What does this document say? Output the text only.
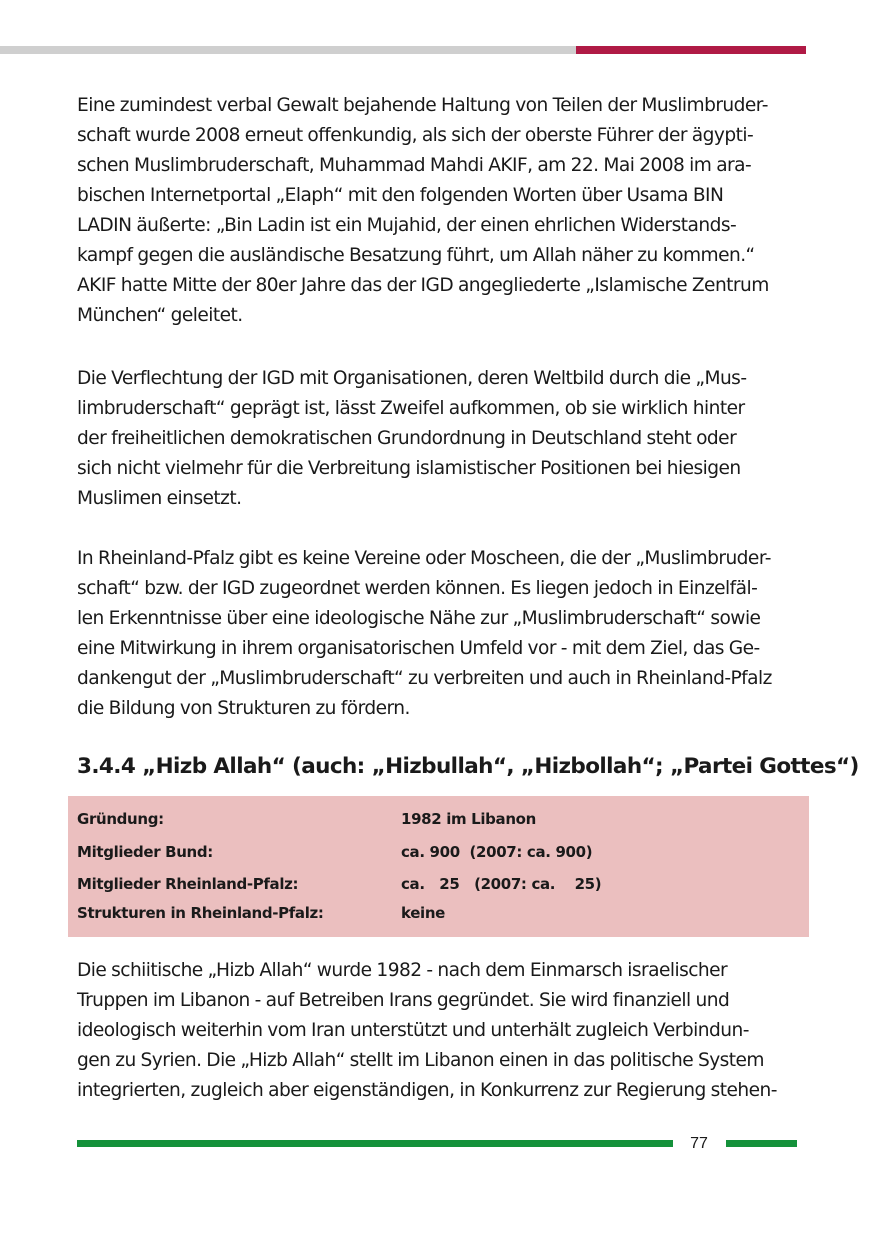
Eine zumindest verbal Gewalt bejahende Haltung von Teilen der Muslimbruder-
schaft wurde 2008 erneut offenkundig, als sich der oberste Führer der ägypti-
schen Muslimbruderschaft, Muhammad Mahdi AKIF, am 22. Mai 2008 im ara-
bischen Internetportal „Elaph“ mit den folgenden Worten über Usama BIN
LADIN äußerte: „Bin Ladin ist ein Mujahid, der einen ehrlichen Widerstands-
kampf gegen die ausländische Besatzung führt, um Allah näher zu kommen.“
AKIF hatte Mitte der 80er Jahre das der IGD angegliederte „Islamische Zentrum
München“ geleitet.

Die Verflechtung der IGD mit Organisationen, deren Weltbild durch die „Mus-
limbruderschaft“ geprägt ist, lässt Zweifel aufkommen, ob sie wirklich hinter
der freiheitlichen demokratischen Grundordnung in Deutschland steht oder
sich nicht vielmehr für die Verbreitung islamistischer Positionen bei hiesigen
Muslimen einsetzt.

In Rheinland-Pfalz gibt es keine Vereine oder Moscheen, die der „Muslimbruder-
schaft“ bzw. der IGD zugeordnet werden können. Es liegen jedoch in Einzelfäl-
len Erkenntnisse über eine ideologische Nähe zur „Muslimbruderschaft“ sowie
eine Mitwirkung in ihrem organisatorischen Umfeld vor - mit dem Ziel, das Ge-
dankengut der „Muslimbruderschaft“ zu verbreiten und auch in Rheinland-Pfalz
die Bildung von Strukturen zu fördern.

Die schiitische „Hizb Allah“ wurde 1982 - nach dem Einmarsch israelischer
Truppen im Libanon - auf Betreiben Irans gegründet. Sie wird finanziell und
ideologisch weiterhin vom Iran unterstützt und unterhält zugleich Verbindun-
gen zu Syrien. Die „Hizb Allah“ stellt im Libanon einen in das politische System
integrierten, zugleich aber eigenständigen, in Konkurrenz zur Regierung stehen-

3.4.4 „Hizb Allah“ (auch: „Hizbullah“, „Hizbollah“; „Partei Gottes“)
Gründung:	1982 im Libanon
Mitglieder Bund:	ca. 900  (2007: ca. 900)
Mitglieder Rheinland-Pfalz:	ca.   25   (2007: ca.    25)
Strukturen in Rheinland-Pfalz:	keine
77
